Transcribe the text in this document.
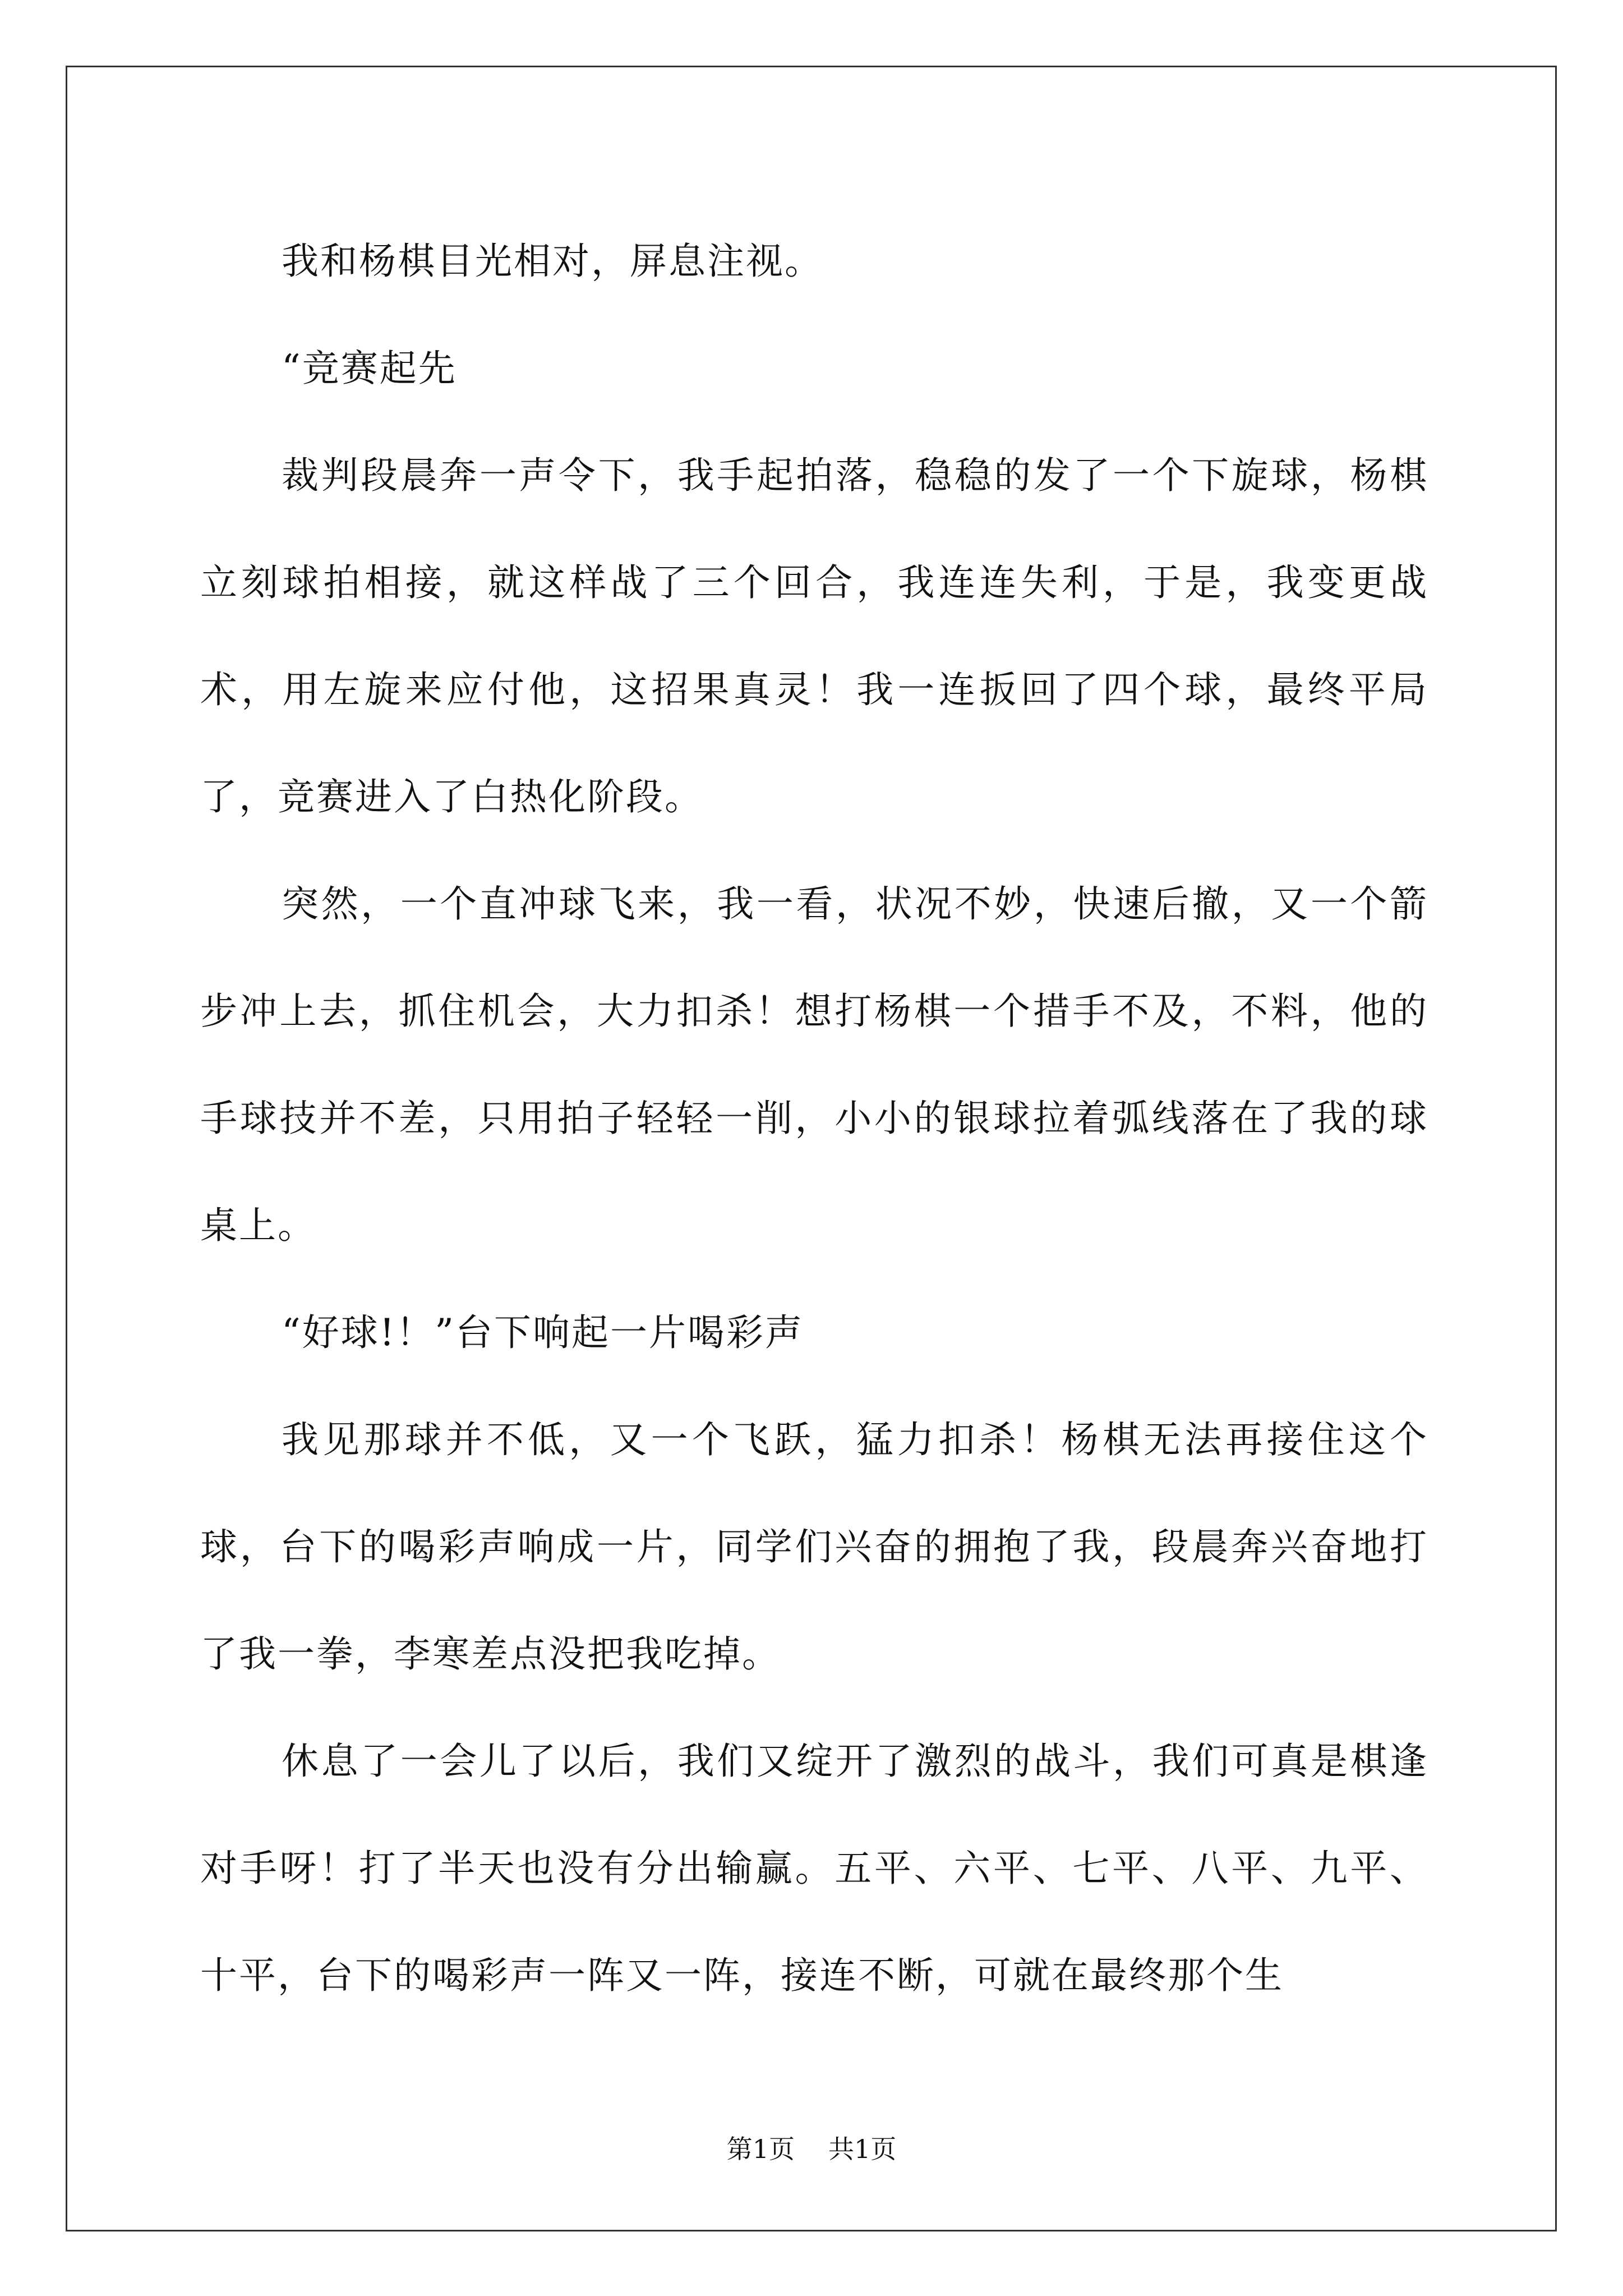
我和杨棋目光相对，屏息注视。

“竞赛起先

裁判段晨奔一声令下，我手起拍落，稳稳的发了一个下旋球，杨棋立刻球拍相接，就这样战了三个回合，我连连失利，于是，我变更战术，用左旋来应付他，这招果真灵！我一连扳回了四个球，最终平局了，竞赛进入了白热化阶段。

突然，一个直冲球飞来，我一看，状况不妙，快速后撤，又一个箭步冲上去，抓住机会，大力扣杀！想打杨棋一个措手不及，不料，他的手球技并不差，只用拍子轻轻一削，小小的银球拉着弧线落在了我的球桌上。

“好球!！”台下响起一片喝彩声

我见那球并不低，又一个飞跃，猛力扣杀！杨棋无法再接住这个球，台下的喝彩声响成一片，同学们兴奋的拥抱了我，段晨奔兴奋地打了我一拳，李寒差点没把我吃掉。

休息了一会儿了以后，我们又绽开了激烈的战斗，我们可真是棋逢对手呀！打了半天也没有分出输赢。五平、六平、七平、八平、九平、十平，台下的喝彩声一阵又一阵，接连不断，可就在最终那个生

第1页 共1页
